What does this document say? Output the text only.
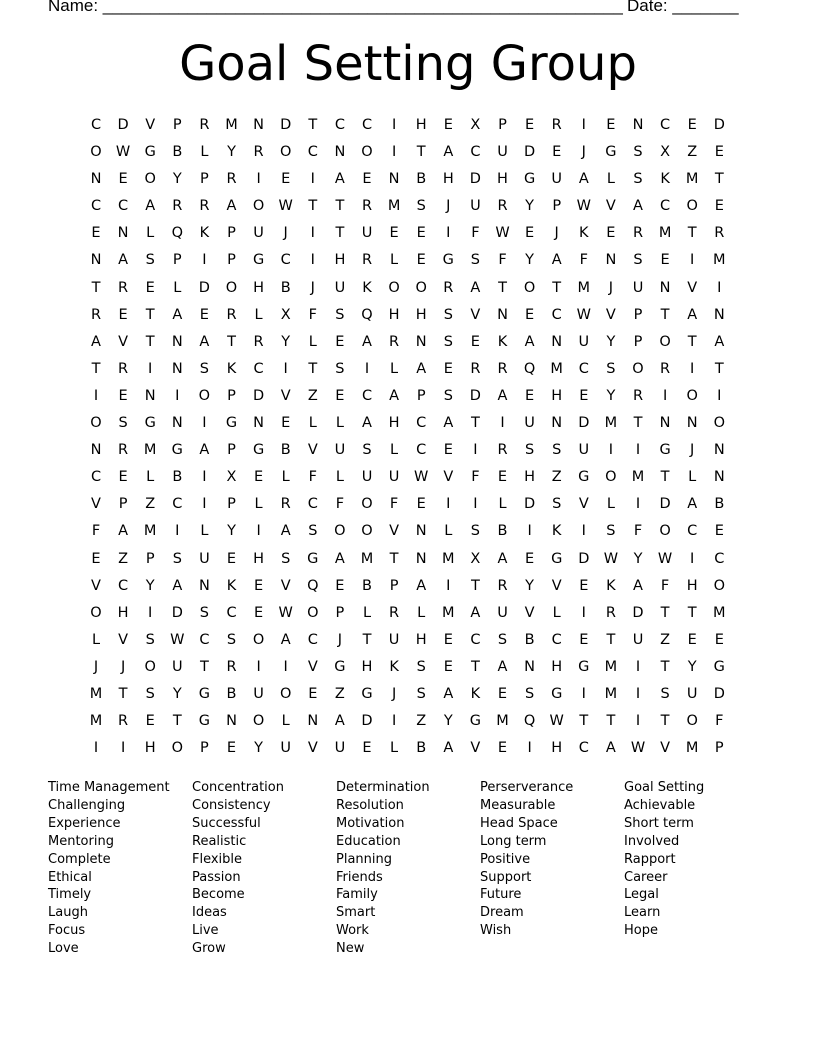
Name: _______________________________________________________

Date: _______

Goal Setting Group
C	D	V	P	R	M	N	D	T	C	C	I	H	E	X	P	E	R	I	E	N	C	E	D
O W G	B	L	Y	R	O	C	N	O	I	T	A	C	U	D	E	J	G	S	X	Z	E
N	E	O	Y	P	R	I	E	I	A	E	N	B	H	D	H	G	U	A	L	S	K	M	T
C	C	A	R	R	A	O W	T	T	R	M	S	J	U	R	Y	P	W	V	A	C	O	E
E	N	L	Q	K	P	U	J	I	T	U	E	E	I	F	W	E	J	K	E	R	M	T	R
N	A	S	P	I	P	G	C	I	H	R	L	E	G	S	F	Y	A	F	N	S	E	I	M
T	R	E	L	D	O	H	B	J	U	K	O	O	R	A	T	O	T	M	J	U	N	V	I
R	E	T	A	E	R	L	X	F	S	Q	H	H	S	V	N	E	C	W	V	P	T	A	N
A	V	T	N	A	T	R	Y	L	E	A	R	N	S	E	K	A	N	U	Y	P	O	T	A
T	R	I	N	S	K	C	I	T	S	I	L	A	E	R	R	Q	M	C	S	O	R	I	T
I	E	N	I	O	P	D	V	Z	E	C	A	P	S	D	A	E	H	E	Y	R	I	O	I
O	S	G	N	I	G	N	E	L	L	A	H	C	A	T	I	U	N	D	M	T	N	N	O
N	R	M	G	A	P	G	B	V	U	S	L	C	E	I	R	S	S	U	I	I	G	J	N
C	E	L	B	I	X	E	L	F	L	U	U	W	V	F	E	H	Z	G	O	M	T	L	N
V	P	Z	C	I	P	L	R	C	F	O	F	E	I	I	L	D	S	V	L	I	D	A	B
F	A	M	I	L	Y	I	A	S	O	O	V	N	L	S	B	I	K	I	S	F	O	C	E
E	Z	P	S	U	E	H	S	G	A	M	T	N	M	X	A	E	G	D W	Y	W	I	C
V	C	Y	A	N	K	E	V	Q	E	B	P	A	I	T	R	Y	V	E	K	A	F	H	O
O	H	I	D	S	C	E	W O	P	L	R	L	M	A	U	V	L	I	R	D	T	T	M
L	V	S	W	C	S	O	A	C	J	T	U	H	E	C	S	B	C	E	T	U	Z	E	E
J	J	O	U	T	R	I	I	V	G	H	K	S	E	T	A	N	H	G	M	I	T	Y	G
M	T	S	Y	G	B	U	O	E	Z	G	J	S	A	K	E	S	G	I	M	I	S	U	D
M	R	E	T	G	N	O	L	N	A	D	I	Z	Y	G	M	Q W	T	T	I	T	O	F
I	I	H	O	P	E	Y	U	V	U	E	L	B	A	V	E	I	H	C	A	W	V	M	P
Time Management
Challenging
Experience
Mentoring
Complete
Ethical
Timely
Laugh
Focus
Love
Concentration
Consistency
Successful
Realistic
Flexible
Passion
Become
Ideas
Live
Grow
Determination
Resolution
Motivation
Education
Planning
Friends
Family
Smart
Work
New
Perserverance
Measurable
Head Space
Long term
Positive
Support
Future
Dream
Wish
Goal Setting
Achievable
Short term
Involved
Rapport
Career
Legal
Learn
Hope
